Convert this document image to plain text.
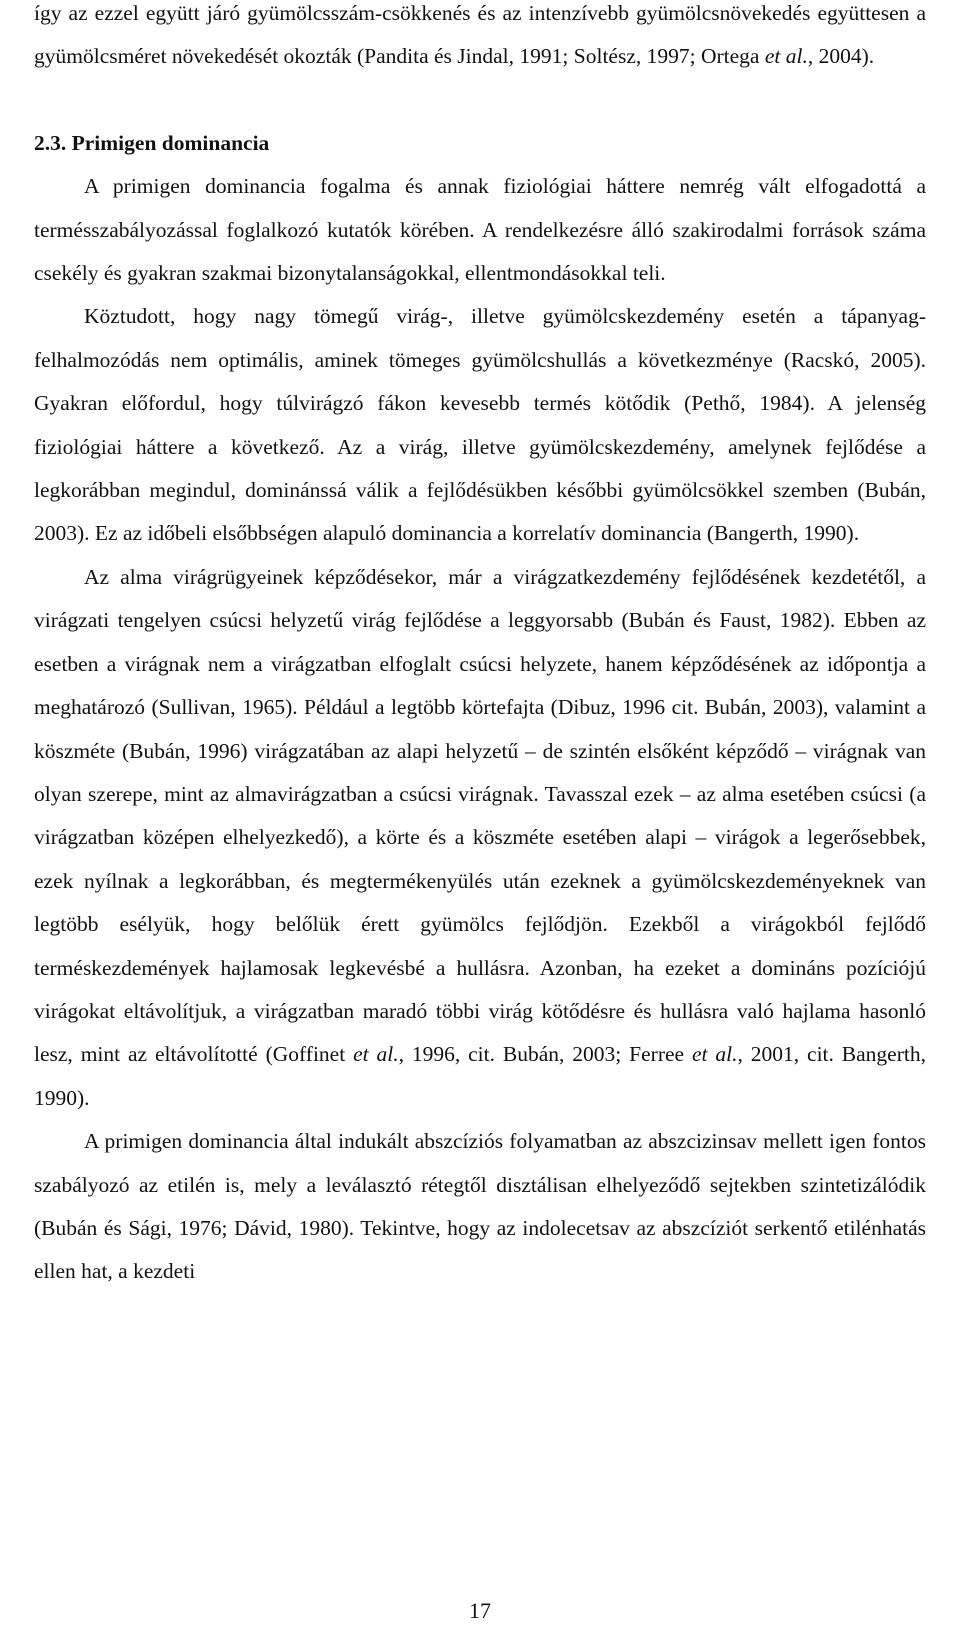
így az ezzel együtt járó gyümölcsszám-csökkenés és az intenzívebb gyümölcsnövekedés együttesen a gyümölcsméret növekedését okozták (Pandita és Jindal, 1991; Soltész, 1997; Ortega et al., 2004).

2.3. Primigen dominancia

A primigen dominancia fogalma és annak fiziológiai háttere nemrég vált elfogadottá a termésszabályozással foglalkozó kutatók körében. A rendelkezésre álló szakirodalmi források száma csekély és gyakran szakmai bizonytalanságokkal, ellentmondásokkal teli.

Köztudott, hogy nagy tömegű virág-, illetve gyümölcskezdemény esetén a tápanyag-felhalmozódás nem optimális, aminek tömeges gyümölcshullás a következménye (Racskó, 2005). Gyakran előfordul, hogy túlvirágzó fákon kevesebb termés kötődik (Pethő, 1984). A jelenség fiziológiai háttere a következő. Az a virág, illetve gyümölcskezdemény, amelynek fejlődése a legkorábban megindul, dominánssá válik a fejlődésükben későbbi gyümölcsökkel szemben (Bubán, 2003). Ez az időbeli elsőbbségen alapuló dominancia a korrelatív dominancia (Bangerth, 1990).

Az alma virágrügyeinek képződésekor, már a virágzatkezdemény fejlődésének kezdetétől, a virágzati tengelyen csúcsi helyzetű virág fejlődése a leggyorsabb (Bubán és Faust, 1982). Ebben az esetben a virágnak nem a virágzatban elfoglalt csúcsi helyzete, hanem képződésének az időpontja a meghatározó (Sullivan, 1965). Például a legtöbb körtefajta (Dibuz, 1996 cit. Bubán, 2003), valamint a köszméte (Bubán, 1996) virágzatában az alapi helyzetű – de szintén elsőként képződő – virágnak van olyan szerepe, mint az almavirágzatban a csúcsi virágnak. Tavasszal ezek – az alma esetében csúcsi (a virágzatban középen elhelyezkedő), a körte és a köszméte esetében alapi – virágok a legerősebbek, ezek nyílnak a legkorábban, és megtermékenyülés után ezeknek a gyümölcskezdeményeknek van legtöbb esélyük, hogy belőlük érett gyümölcs fejlődjön. Ezekből a virágokból fejlődő terméskezdemények hajlamosak legkevésbé a hullásra. Azonban, ha ezeket a domináns pozíciójú virágokat eltávolítjuk, a virágzatban maradó többi virág kötődésre és hullásra való hajlama hasonló lesz, mint az eltávolítotté (Goffinet et al., 1996, cit. Bubán, 2003; Ferree et al., 2001, cit. Bangerth, 1990).

A primigen dominancia által indukált abszcíziós folyamatban az abszcizinsav mellett igen fontos szabályozó az etilén is, mely a leválasztó rétegtől disztálisan elhelyeződő sejtekben szintetizálódik (Bubán és Sági, 1976; Dávid, 1980). Tekintve, hogy az indolecetsav az abszcíziót serkentő etilénhatás ellen hat, a kezdeti

17
